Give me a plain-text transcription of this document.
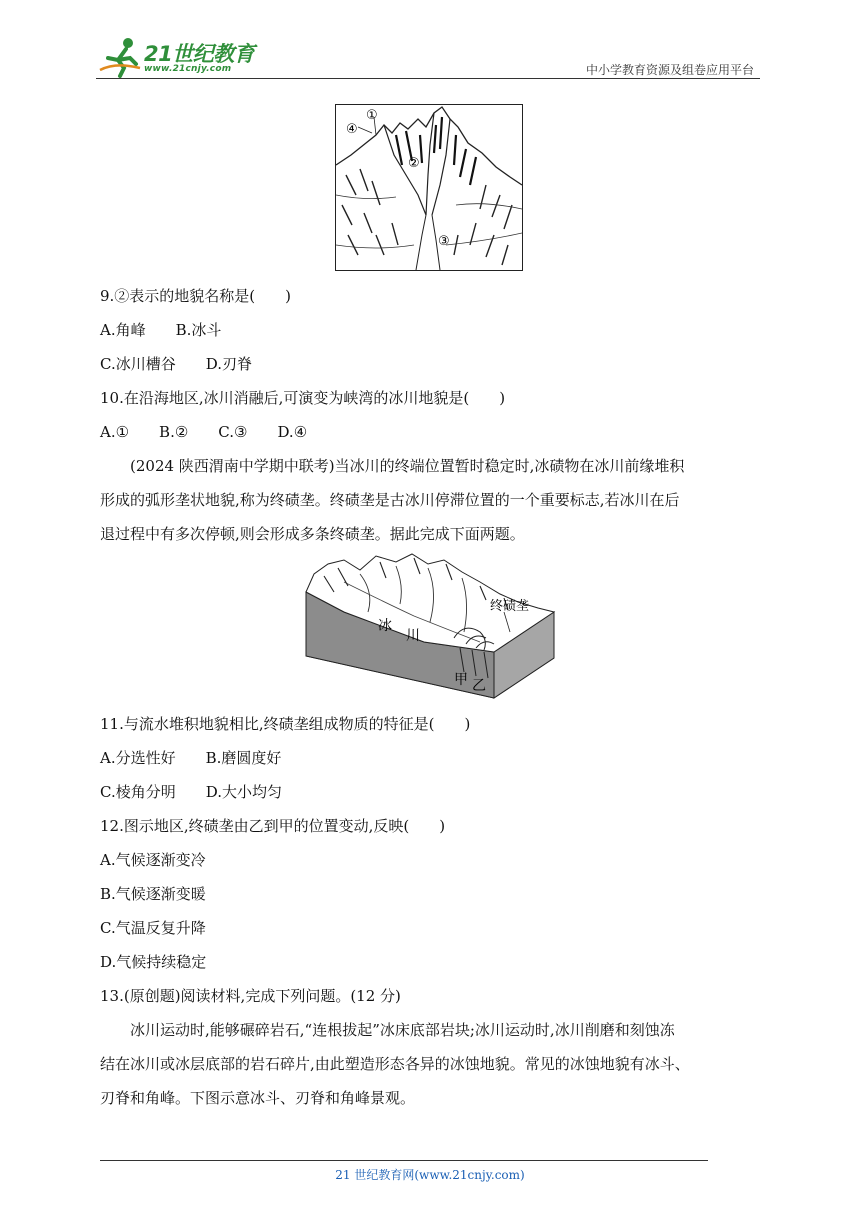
21世纪教育
www.21cnjy.com	中小学教育资源及组卷应用平台
①
④
②
③
9.②表示的地貌名称是(　　)
A.角峰　　B.冰斗
C.冰川槽谷　　D.刃脊
10.在沿海地区,冰川消融后,可演变为峡湾的冰川地貌是(　　)
A.①　　B.②　　C.③　　D.④
(2024 陕西渭南中学期中联考)当冰川的终端位置暂时稳定时,冰碛物在冰川前缘堆积
形成的弧形垄状地貌,称为终碛垄。终碛垄是古冰川停滞位置的一个重要标志,若冰川在后
退过程中有多次停顿,则会形成多条终碛垄。据此完成下面两题。
终碛垄
冰
川
甲 乙
11.与流水堆积地貌相比,终碛垄组成物质的特征是(　　)
A.分选性好　　B.磨圆度好
C.棱角分明　　D.大小均匀
12.图示地区,终碛垄由乙到甲的位置变动,反映(　　)
A.气候逐渐变冷
B.气候逐渐变暖
C.气温反复升降
D.气候持续稳定
13.(原创题)阅读材料,完成下列问题。(12 分)
冰川运动时,能够碾碎岩石,“连根拔起”冰床底部岩块;冰川运动时,冰川削磨和刻蚀冻
结在冰川或冰层底部的岩石碎片,由此塑造形态各异的冰蚀地貌。常见的冰蚀地貌有冰斗、
刃脊和角峰。下图示意冰斗、刃脊和角峰景观。
21 世纪教育网(www.21cnjy.com)
